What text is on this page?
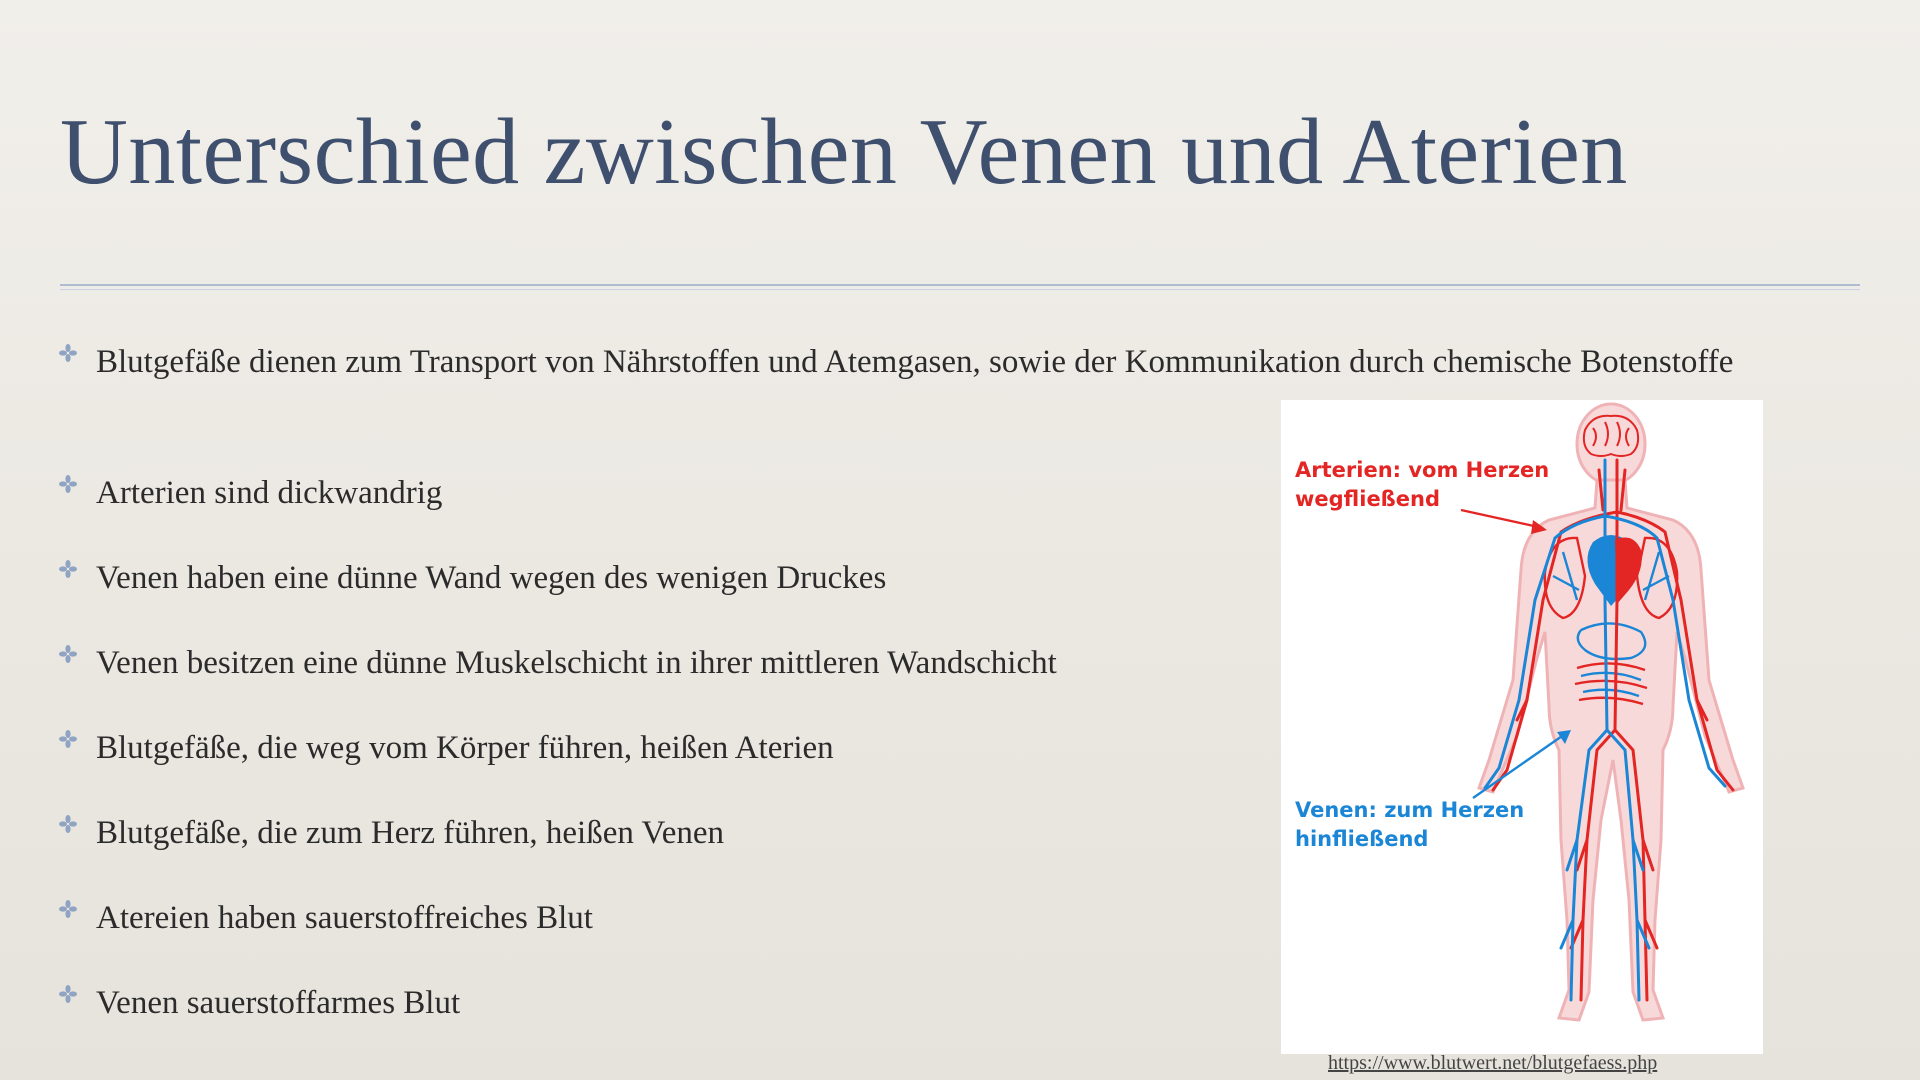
Unterschied zwischen Venen und Aterien
Blutgefäße dienen zum Transport von Nährstoffen und Atemgasen, sowie der Kommunikation durch chemische Botenstoffe
Arterien sind dickwandrig
Venen haben eine dünne Wand wegen des wenigen Druckes
Venen besitzen eine dünne Muskelschicht in ihrer mittleren Wandschicht
Blutgefäße, die weg vom Körper führen, heißen Aterien
Blutgefäße, die zum Herz führen, heißen Venen
Atereien haben sauerstoffreiches Blut
Venen sauerstoffarmes Blut
Arterien: vom Herzen
wegfließend
Venen: zum Herzen
hinfließend
https://www.blutwert.net/blutgefaess.php
